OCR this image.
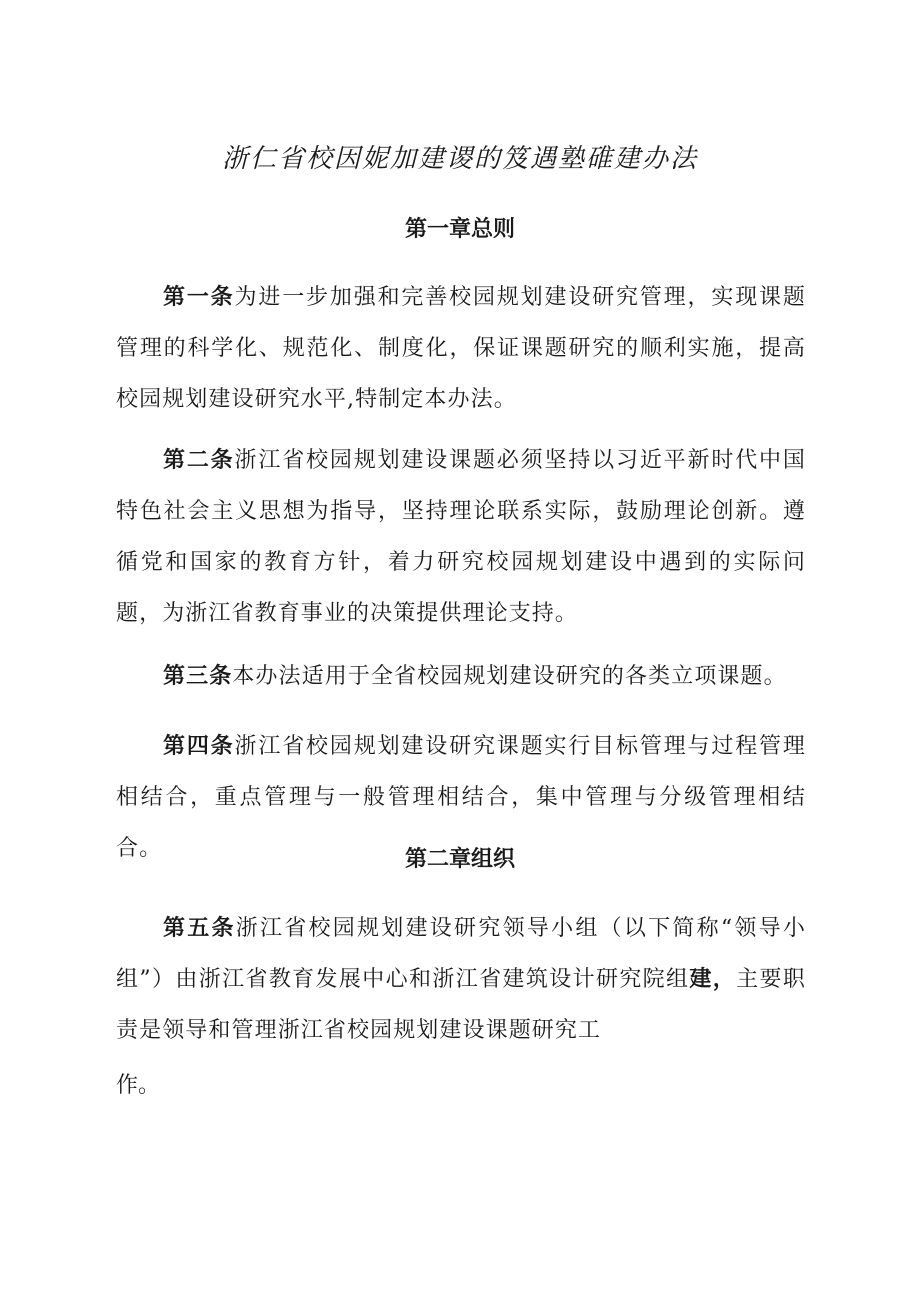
浙仁省校因妮加建谡的笈遇塾碓建办法
第一章总则

第一条为进一步加强和完善校园规划建设研究管理，实现课题管理的科学化、规范化、制度化，保证课题研究的顺利实施，提高校园规划建设研究水平,特制定本办法。

第二条浙江省校园规划建设课题必须坚持以习近平新时代中国特色社会主义思想为指导，坚持理论联系实际，鼓励理论创新。遵循党和国家的教育方针，着力研究校园规划建设中遇到的实际问题，为浙江省教育事业的决策提供理论支持。

第三条本办法适用于全省校园规划建设研究的各类立项课题。

第四条浙江省校园规划建设研究课题实行目标管理与过程管理相结合，重点管理与一般管理相结合，集中管理与分级管理相结合。	第二章组织

第五条浙江省校园规划建设研究领导小组（以下简称“领导小组”）由浙江省教育发展中心和浙江省建筑设计研究院组建，主要职责是领导和管理浙江省校园规划建设课题研究工

作。
